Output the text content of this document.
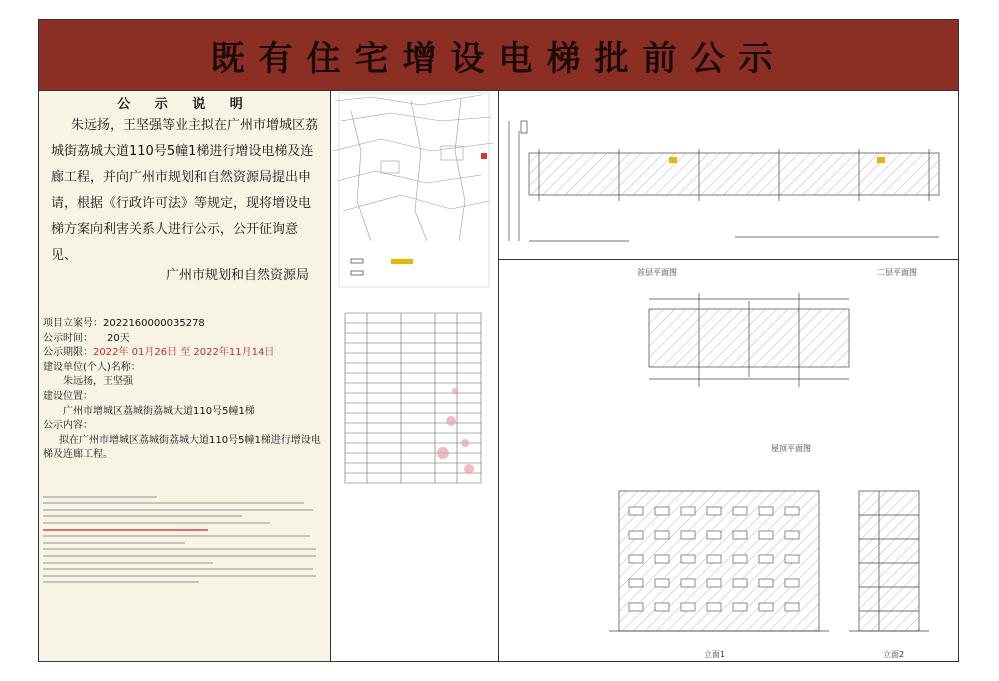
既有住宅增设电梯批前公示
公 示 说 明
朱远扬，王坚强等业主拟在广州市增城区荔城街荔城大道110号5幢1梯进行增设电梯及连廊工程，并向广州市规划和自然资源局提出申请，根据《行政许可法》等规定，现将增设电梯方案向利害关系人进行公示，公开征询意见、
广州市规划和自然资源局
项目立案号：2022160000035278
公示时间： 20天
公示期限：2022年 01月26日 至 2022年11月14日
建设单位(个人)名称：
朱远扬，王坚强
建设位置：
广州市增城区荔城街荔城大道110号5幢1梯
公示内容：
拟在广州市增城区荔城街荔城大道110号5幢1梯进行增设电梯及连廊工程。
首层平面图	二层平面图
屋顶平面图
立面1	立面2
